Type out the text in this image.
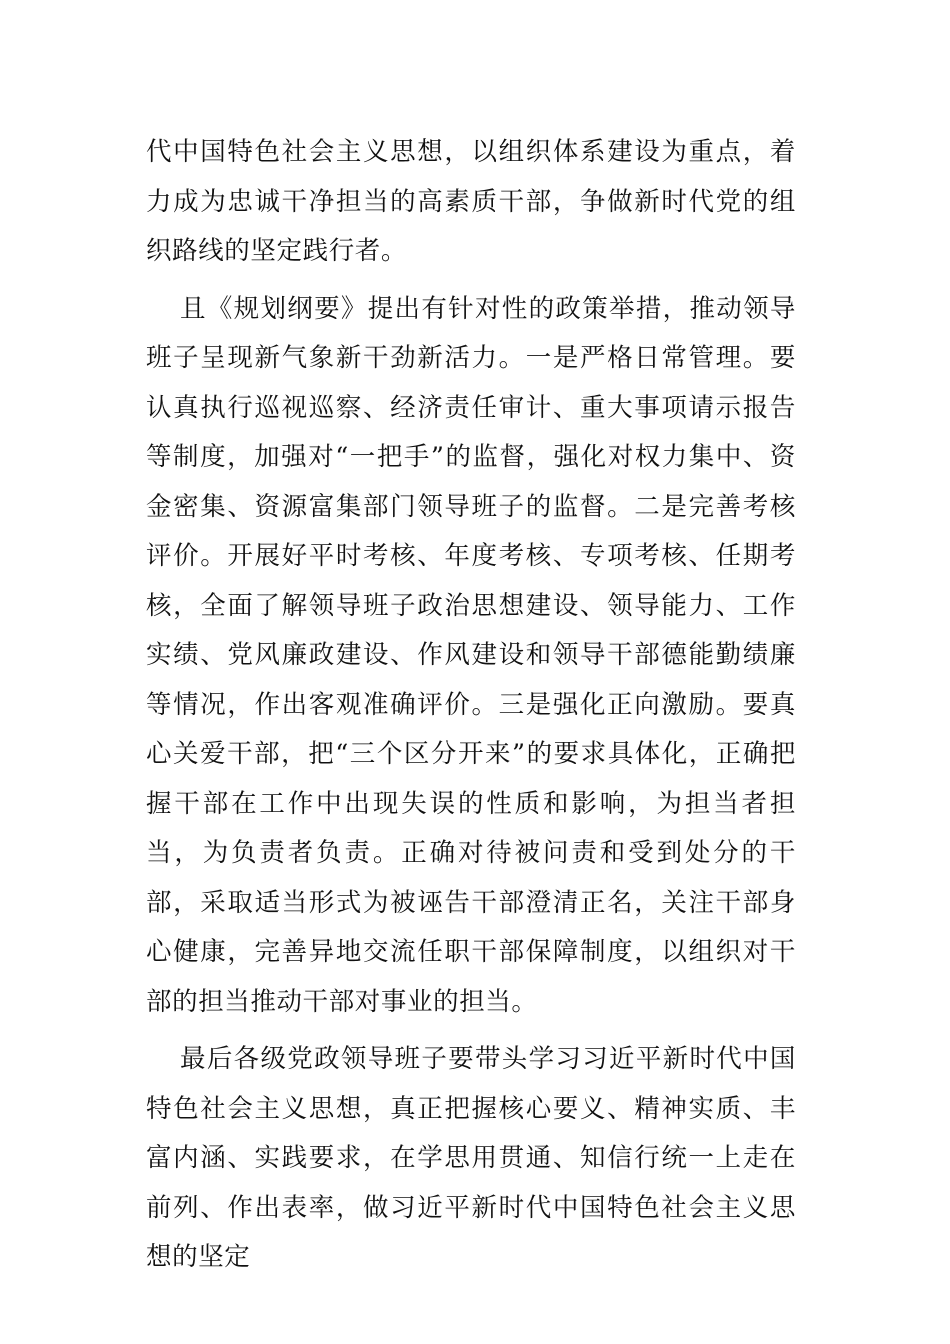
代中国特色社会主义思想，以组织体系建设为重点，着力成为忠诚干净担当的高素质干部，争做新时代党的组织路线的坚定践行者。

且《规划纲要》提出有针对性的政策举措，推动领导班子呈现新气象新干劲新活力。一是严格日常管理。要认真执行巡视巡察、经济责任审计、重大事项请示报告等制度，加强对“一把手”的监督，强化对权力集中、资金密集、资源富集部门领导班子的监督。二是完善考核评价。开展好平时考核、年度考核、专项考核、任期考核，全面了解领导班子政治思想建设、领导能力、工作实绩、党风廉政建设、作风建设和领导干部德能勤绩廉等情况，作出客观准确评价。三是强化正向激励。要真心关爱干部，把“三个区分开来”的要求具体化，正确把握干部在工作中出现失误的性质和影响，为担当者担当，为负责者负责。正确对待被问责和受到处分的干部，采取适当形式为被诬告干部澄清正名，关注干部身心健康，完善异地交流任职干部保障制度，以组织对干部的担当推动干部对事业的担当。

最后各级党政领导班子要带头学习习近平新时代中国特色社会主义思想，真正把握核心要义、精神实质、丰富内涵、实践要求，在学思用贯通、知信行统一上走在前列、作出表率，做习近平新时代中国特色社会主义思想的坚定
